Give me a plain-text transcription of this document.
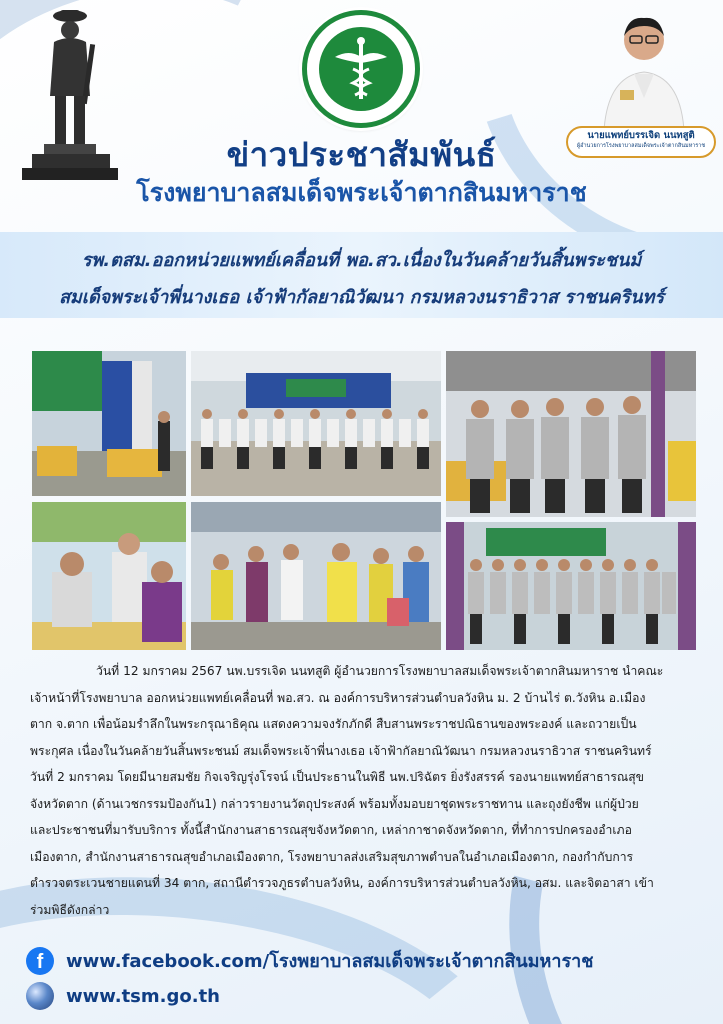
นายแพทย์บรรเจิด นนทสูติ
ผู้อำนวยการโรงพยาบาลสมเด็จพระเจ้าตากสินมหาราช
ข่าวประชาสัมพันธ์
โรงพยาบาลสมเด็จพระเจ้าตากสินมหาราช
รพ.ตสม.ออกหน่วยแพทย์เคลื่อนที่ พอ.สว.เนื่องในวันคล้ายวันสิ้นพระชนม์
สมเด็จพระเจ้าพี่นางเธอ เจ้าฟ้ากัลยาณิวัฒนา กรมหลวงนราธิวาส ราชนครินทร์
วันที่ 12 มกราคม 2567 นพ.บรรเจิด นนทสูติ ผู้อำนวยการโรงพยาบาลสมเด็จพระเจ้าตากสินมหาราช นำคณะ
เจ้าหน้าที่โรงพยาบาล ออกหน่วยแพทย์เคลื่อนที่ พอ.สว. ณ องค์การบริหารส่วนตำบลวังหิน ม. 2 บ้านไร่ ต.วังหิน อ.เมือง
ตาก จ.ตาก เพื่อน้อมรำลึกในพระกรุณาธิคุณ แสดงความจงรักภักดี สืบสานพระราชปณิธานของพระองค์ และถวายเป็น
พระกุศล เนื่องในวันคล้ายวันสิ้นพระชนม์ สมเด็จพระเจ้าพี่นางเธอ เจ้าฟ้ากัลยาณิวัฒนา กรมหลวงนราธิวาส ราชนครินทร์
วันที่ 2 มกราคม โดยมีนายสมชัย กิจเจริญรุ่งโรจน์ เป็นประธานในพิธี นพ.ปริฉัตร ยิ่งรังสรรค์ รองนายแพทย์สาธารณสุข
จังหวัดตาก (ด้านเวชกรรมป้องกัน1) กล่าวรายงานวัตถุประสงค์ พร้อมทั้งมอบยาชุดพระราชทาน และถุงยังชีพ แก่ผู้ป่วย
และประชาชนที่มารับบริการ ทั้งนี้สำนักงานสาธารณสุขจังหวัดตาก, เหล่ากาชาดจังหวัดตาก, ที่ทำการปกครองอำเภอ
เมืองตาก, สำนักงานสาธารณสุขอำเภอเมืองตาก, โรงพยาบาลส่งเสริมสุขภาพตำบลในอำเภอเมืองตาก, กองกำกับการ
ตำรวจตระเวนชายแดนที่ 34 ตาก, สถานีตำรวจภูธรตำบลวังหิน, องค์การบริหารส่วนตำบลวังหิน, อสม. และจิตอาสา เข้า
ร่วมพิธีดังกล่าว
f	www.facebook.com/โรงพยาบาลสมเด็จพระเจ้าตากสินมหาราช
www.tsm.go.th
